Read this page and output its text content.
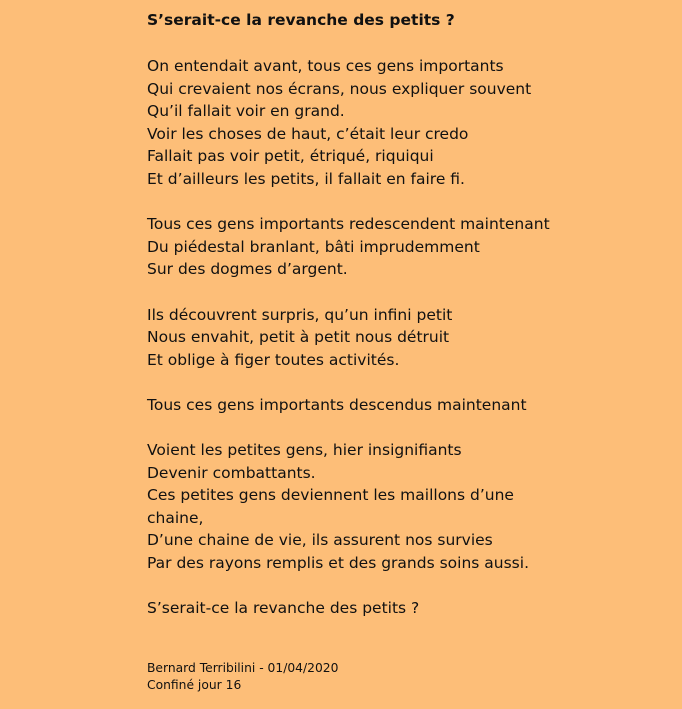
S’serait-ce la revanche des petits ?
On entendait avant, tous ces gens importants
Qui crevaient nos écrans, nous expliquer souvent
Qu’il fallait voir en grand.
Voir les choses de haut, c’était leur credo
Fallait pas voir petit, étriqué, riquiqui
Et d’ailleurs les petits, il fallait en faire fi.
Tous ces gens importants redescendent maintenant
Du piédestal branlant, bâti imprudemment
Sur des dogmes d’argent.
Ils découvrent surpris, qu’un infini petit
Nous envahit, petit à petit nous détruit
Et oblige à figer toutes activités.
Tous ces gens importants descendus maintenant
Voient les petites gens, hier insignifiants
Devenir combattants.
Ces petites gens deviennent les maillons d’une
chaine,
D’une chaine de vie, ils assurent nos survies
Par des rayons remplis et des grands soins aussi.
S’serait-ce la revanche des petits ?
Bernard Terribilini - 01/04/2020
Confiné jour 16
